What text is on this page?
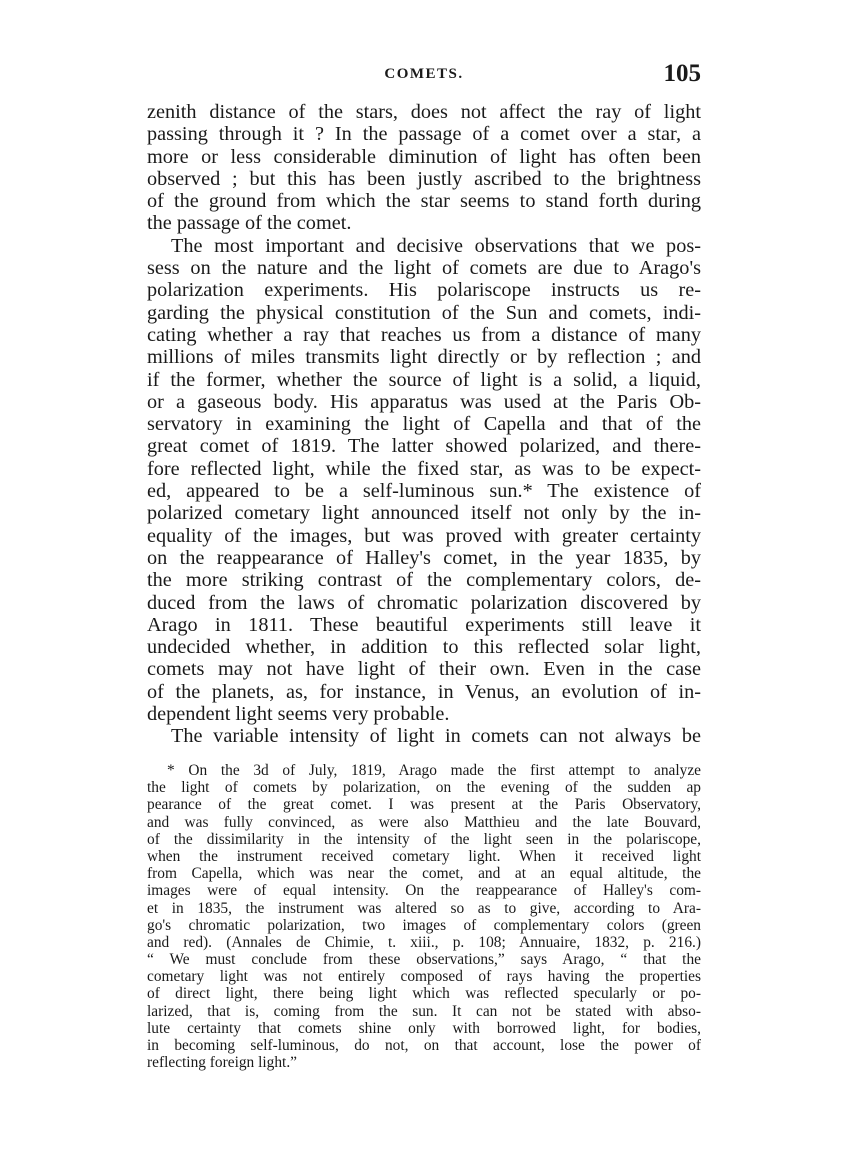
COMETS.	105
zenith distance of the stars, does not affect the ray of light
passing through it ? In the passage of a comet over a star, a
more or less considerable diminution of light has often been
observed ; but this has been justly ascribed to the brightness
of the ground from which the star seems to stand forth during
the passage of the comet.
The most important and decisive observations that we pos-
sess on the nature and the light of comets are due to Arago's
polarization experiments. His polariscope instructs us re-
garding the physical constitution of the Sun and comets, indi-
cating whether a ray that reaches us from a distance of many
millions of miles transmits light directly or by reflection ; and
if the former, whether the source of light is a solid, a liquid,
or a gaseous body. His apparatus was used at the Paris Ob-
servatory in examining the light of Capella and that of the
great comet of 1819. The latter showed polarized, and there-
fore reflected light, while the fixed star, as was to be expect-
ed, appeared to be a self-luminous sun.* The existence of
polarized cometary light announced itself not only by the in-
equality of the images, but was proved with greater certainty
on the reappearance of Halley's comet, in the year 1835, by
the more striking contrast of the complementary colors, de-
duced from the laws of chromatic polarization discovered by
Arago in 1811. These beautiful experiments still leave it
undecided whether, in addition to this reflected solar light,
comets may not have light of their own. Even in the case
of the planets, as, for instance, in Venus, an evolution of in-
dependent light seems very probable.
The variable intensity of light in comets can not always be
* On the 3d of July, 1819, Arago made the first attempt to analyze
the light of comets by polarization, on the evening of the sudden ap
pearance of the great comet. I was present at the Paris Observatory,
and was fully convinced, as were also Matthieu and the late Bouvard,
of the dissimilarity in the intensity of the light seen in the polariscope,
when the instrument received cometary light. When it received light
from Capella, which was near the comet, and at an equal altitude, the
images were of equal intensity. On the reappearance of Halley's com-
et in 1835, the instrument was altered so as to give, according to Ara-
go's chromatic polarization, two images of complementary colors (green
and red). (Annales de Chimie, t. xiii., p. 108; Annuaire, 1832, p. 216.)
“ We must conclude from these observations,” says Arago, “ that the
cometary light was not entirely composed of rays having the properties
of direct light, there being light which was reflected specularly or po-
larized, that is, coming from the sun. It can not be stated with abso-
lute certainty that comets shine only with borrowed light, for bodies,
in becoming self-luminous, do not, on that account, lose the power of
reflecting foreign light.”
